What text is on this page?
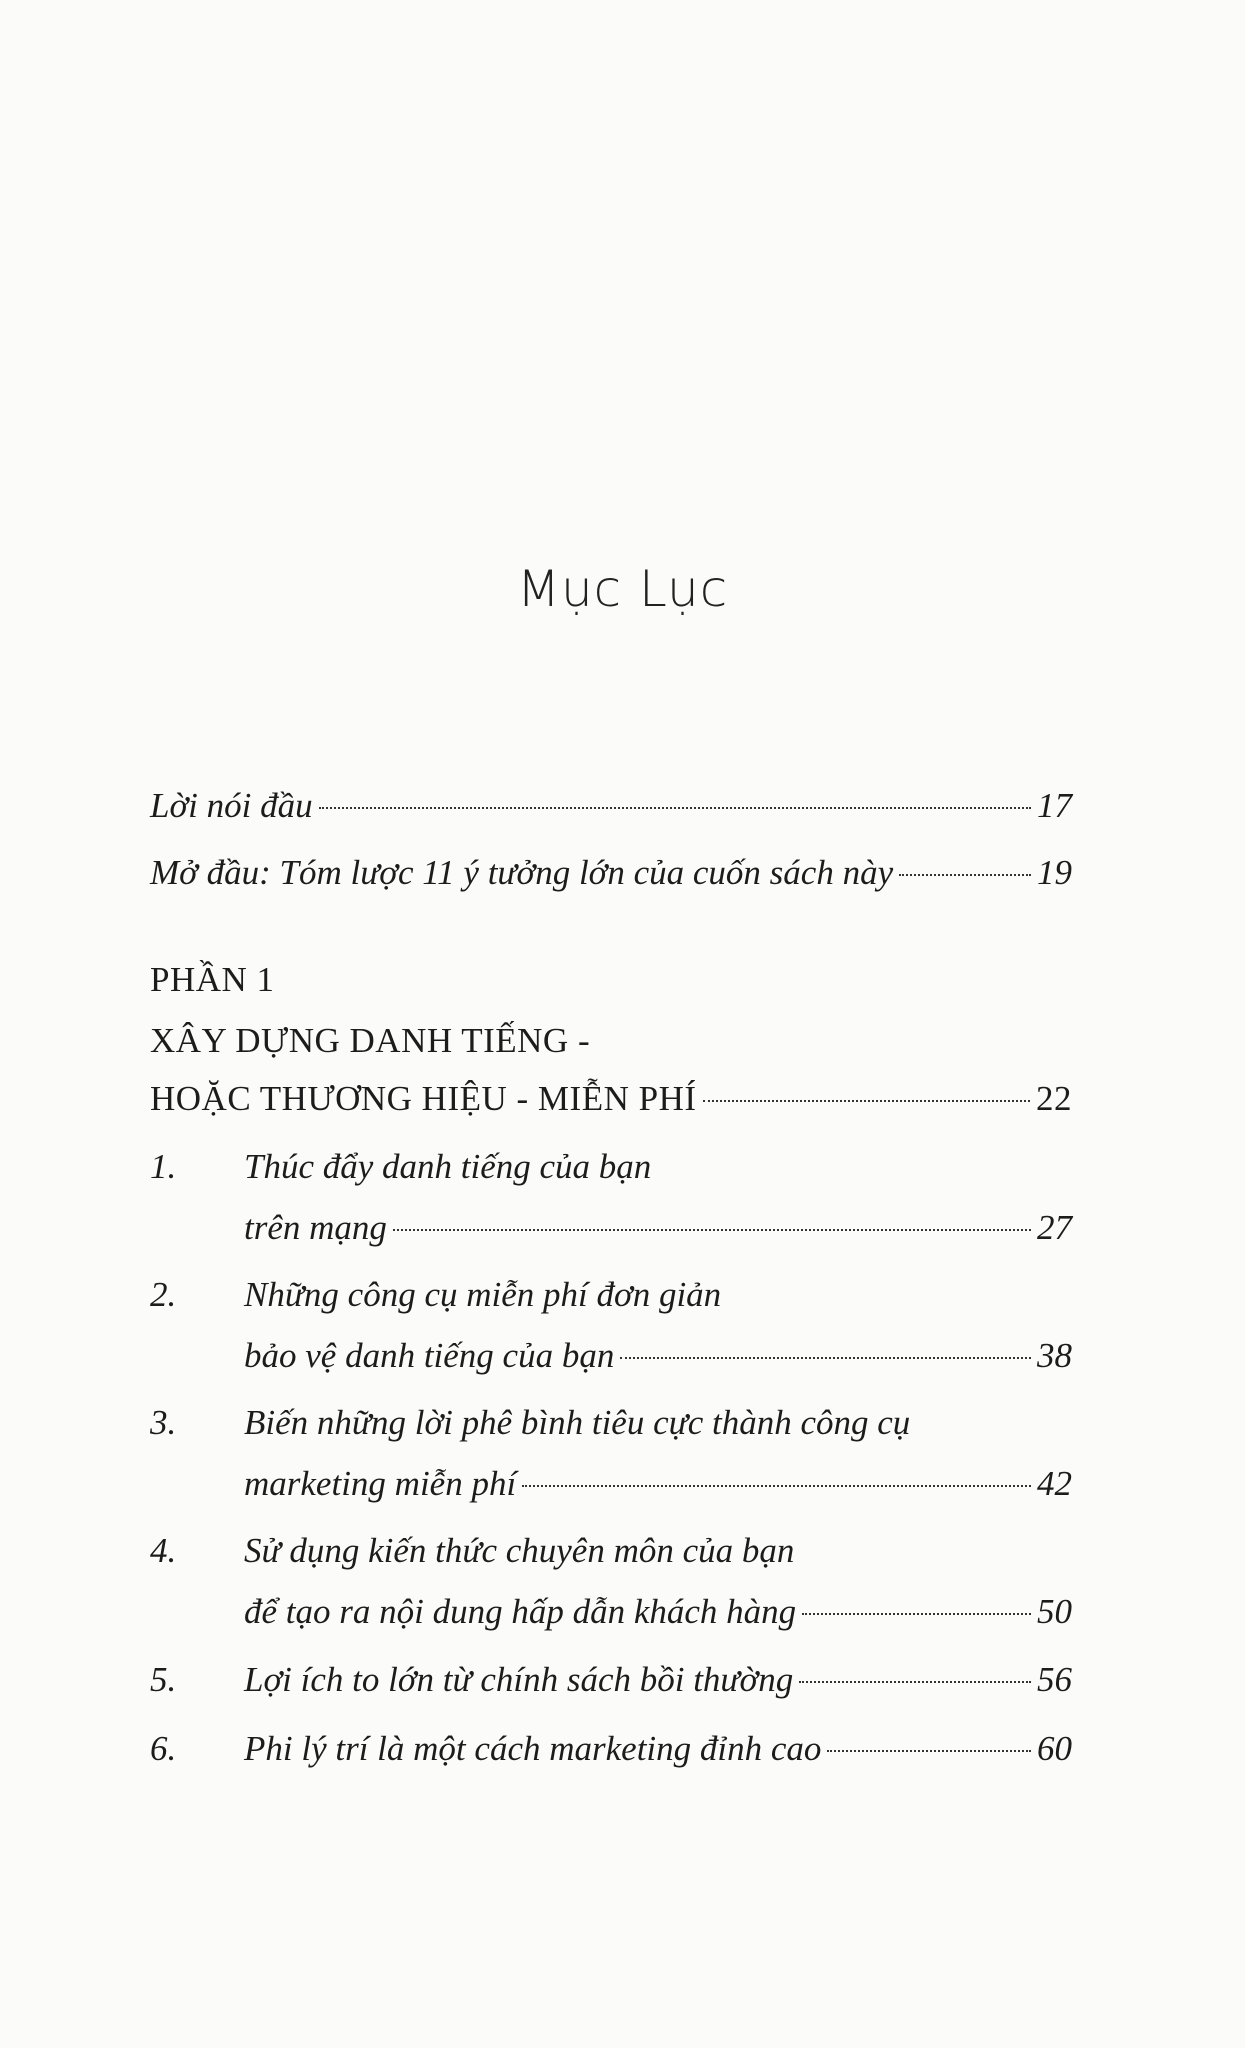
Mục Lục
Lời nói đầu	17
Mở đầu: Tóm lược 11 ý tưởng lớn của cuốn sách này	19
PHẦN 1
XÂY DỰNG DANH TIẾNG -
HOẶC THƯƠNG HIỆU - MIỄN PHÍ	22
1. Thúc đẩy danh tiếng của bạn
trên mạng	27
2. Những công cụ miễn phí đơn giản
bảo vệ danh tiếng của bạn	38
3. Biến những lời phê bình tiêu cực thành công cụ
marketing miễn phí	42
4. Sử dụng kiến thức chuyên môn của bạn
để tạo ra nội dung hấp dẫn khách hàng	50
5. Lợi ích to lớn từ chính sách bồi thường	56
6. Phi lý trí là một cách marketing đỉnh cao	60
